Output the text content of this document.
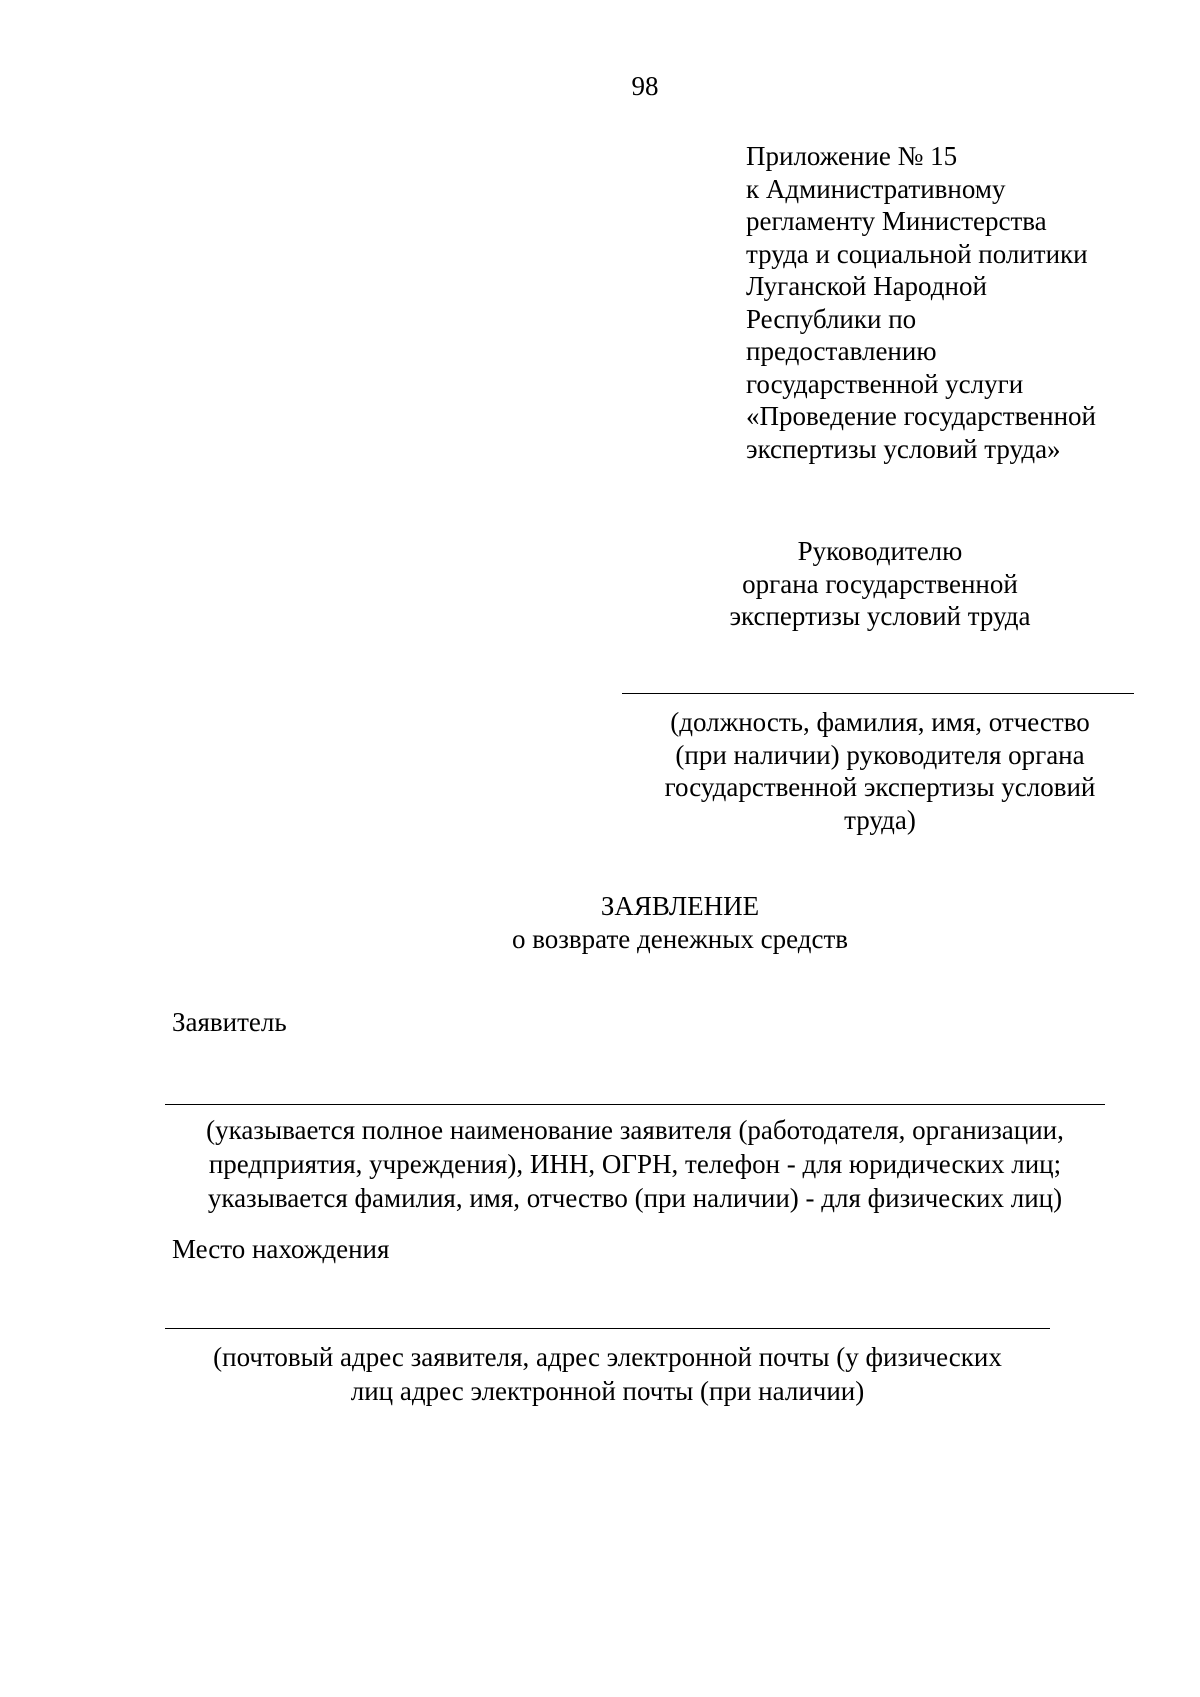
98
Приложение № 15
к Административному
регламенту Министерства
труда и социальной политики
Луганской Народной
Республики по
предоставлению
государственной услуги
«Проведение государственной
экспертизы условий труда»
Руководителю
органа государственной
экспертизы условий труда
(должность, фамилия, имя, отчество
(при наличии) руководителя органа
государственной экспертизы условий
труда)
ЗАЯВЛЕНИЕ
о возврате денежных средств
Заявитель
(указывается полное наименование заявителя (работодателя, организации,
предприятия, учреждения), ИНН, ОГРН, телефон - для юридических лиц;
указывается фамилия, имя, отчество (при наличии) - для физических лиц)
Место нахождения
(почтовый адрес заявителя, адрес электронной почты (у физических
лиц адрес электронной почты (при наличии)
